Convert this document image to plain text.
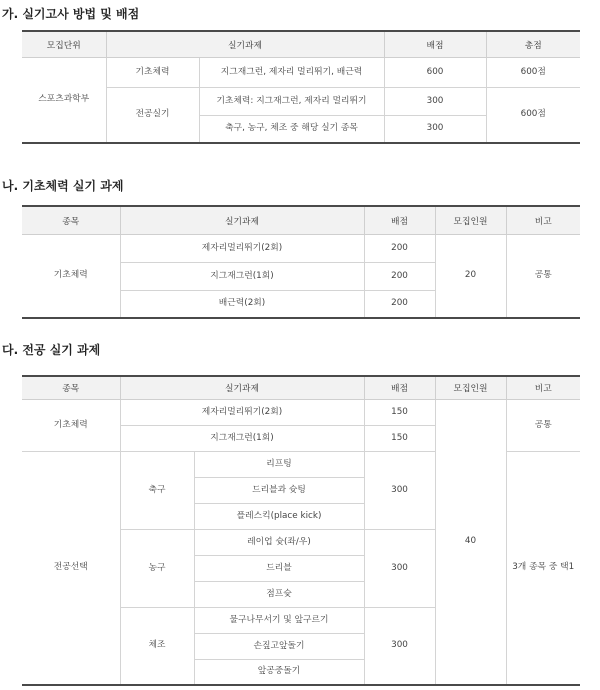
가. 실기고사 방법 및 배점
모집단위	실기과제		배점	총점
스포츠과학부	기초체력	지그재그런, 제자리 멀리뛰기, 배근력	600	600점
	전공실기	기초체력: 지그재그런, 제자리 멀리뛰기	300	600점
		축구, 농구, 체조 중 해당 실기 종목	300	
나. 기초체력 실기 과제
종목	실기과제	배점	모집인원	비고
기초체력	제자리멀리뛰기(2회)	200	20	공통
	지그재그런(1회)	200		
	배근력(2회)	200		
다. 전공 실기 과제
종목	실기과제		배점	모집인원	비고
기초체력	제자리멀리뛰기(2회)		150	40	공통
	지그재그런(1회)		150		
전공선택	축구	리프팅	300		3개 종목 중 택1
		드리블과 슛팅			
		플레스킥(place kick)			
	농구	레이업 슛(좌/우)	300		
		드리블			
		점프슛			
	체조	물구나무서기 및 앞구르기	300		
		손짚고앞돌기			
		앞공중돌기			
